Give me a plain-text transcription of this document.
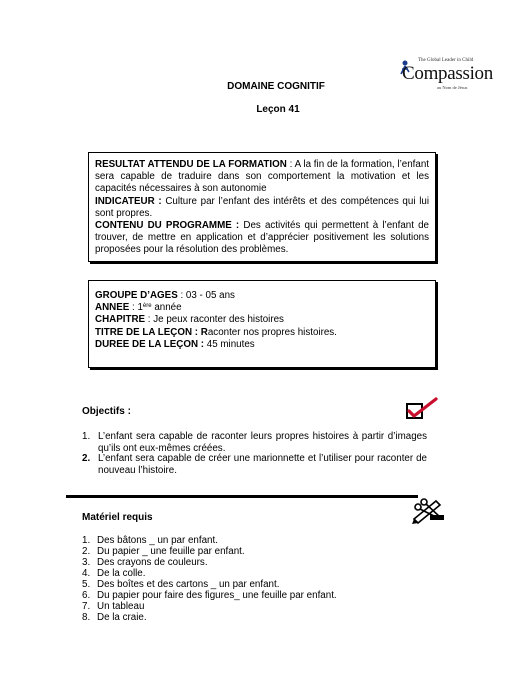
DOMAINE COGNITIF
Leçon 41
The Global Leader in Child
Compassion
au Nom de Jésus

RESULTAT ATTENDU DE LA FORMATION : A la fin de la formation, l’enfant sera capable de traduire dans son comportement la motivation et les capacités nécessaires à son autonomie

INDICATEUR : Culture par l’enfant des intérêts et des compétences qui lui sont propres.

CONTENU DU PROGRAMME : Des activités qui permettent à l’enfant de trouver, de mettre en application et d’apprécier positivement les solutions proposées pour la résolution des problèmes.

GROUPE D’AGES : 03 - 05 ans

ANNEE : 1ère année

CHAPITRE : Je peux raconter des histoires

TITRE DE LA LEÇON : Raconter nos propres histoires.

DUREE DE LA LEÇON : 45 minutes

Objectifs :
1. L’enfant sera capable de raconter leurs propres histoires à partir d’images qu’ils ont eux-mêmes créées.
2. L’enfant sera capable de créer une marionnette et l’utiliser pour raconter de nouveau l’histoire.
Matériel requis
1. Des bâtons _ un par enfant.
2. Du papier _ une feuille par enfant.
3. Des crayons de couleurs.
4. De la colle.
5. Des boîtes et des cartons _ un par enfant.
6. Du papier pour faire des figures_ une feuille par enfant.
7. Un tableau
8. De la craie.
